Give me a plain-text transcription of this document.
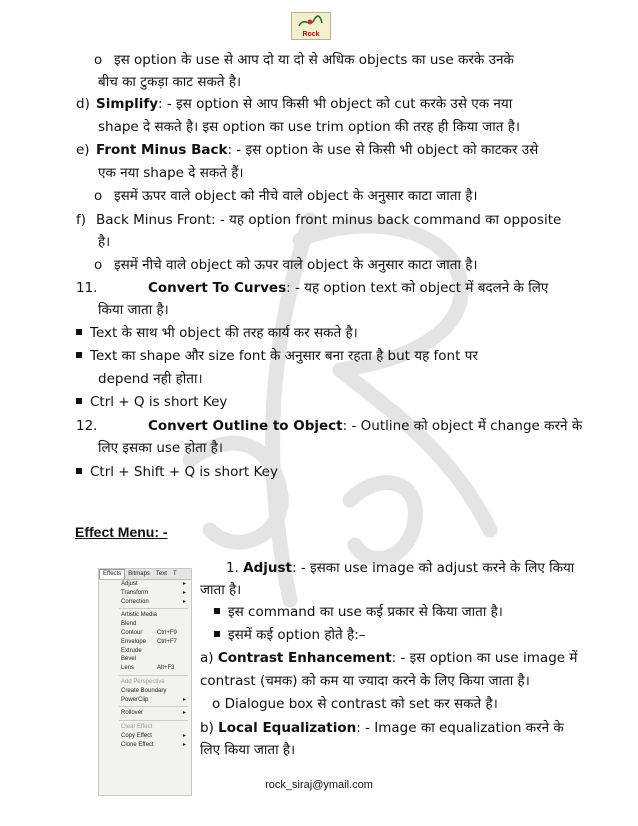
Rock
o इस option के use से आप दो या दो से अधिक objects का use करके उनके
बीच का टुकड़ा काट सकते है।
d) Simplify: - इस option से आप किसी भी object को cut करके उसे एक नया
shape दे सकते है। इस option का use trim option की तरह ही किया जात है।
e) Front Minus Back: - इस option के use से किसी भी object को काटकर उसे
एक नया shape दे सकते हैं।
o इसमें ऊपर वाले object को नीचे वाले object के अनुसार काटा जाता है।
f) Back Minus Front: - यह option front minus back command का opposite
है।
o इसमें नीचे वाले object को ऊपर वाले object के अनुसार काटा जाता है।
11.	Convert To Curves: - यह option text को object में बदलने के लिए
किया जाता है।
Text के साथ भी object की तरह कार्य कर सकते है।
Text का shape और size font के अनुसार बना रहता है but यह font पर
depend नही होता।
Ctrl + Q is short Key
12.	Convert Outline to Object: - Outline को object में change करने के
लिए इसका use होता है।
Ctrl + Shift + Q is short Key
Effect Menu: -
Effects Bitmaps Text T
Adjust	▸
Transform	▸
Correction	▸
Artistic Media
Blend
Contour Ctrl+F9
Envelope Ctrl+F7
Extrude
Bevel
Lens	Alt+F3
Add Perspective
Create Boundary
PowerClip	▸
Rollover	▸
Clear Effect
Copy Effect	▸
Clone Effect	▸
1. Adjust: - इसका use image को adjust करने के लिए किया
जाता है।
इस command का use कई प्रकार से किया जाता है।
इसमें कई option होते है:–
a) Contrast Enhancement: - इस option का use image में
contrast (चमक) को कम या ज्यादा करने के लिए किया जाता है।
o Dialogue box से contrast को set कर सकते है।
b) Local Equalization: - Image का equalization करने के
लिए किया जाता है।
rock_siraj@ymail.com
